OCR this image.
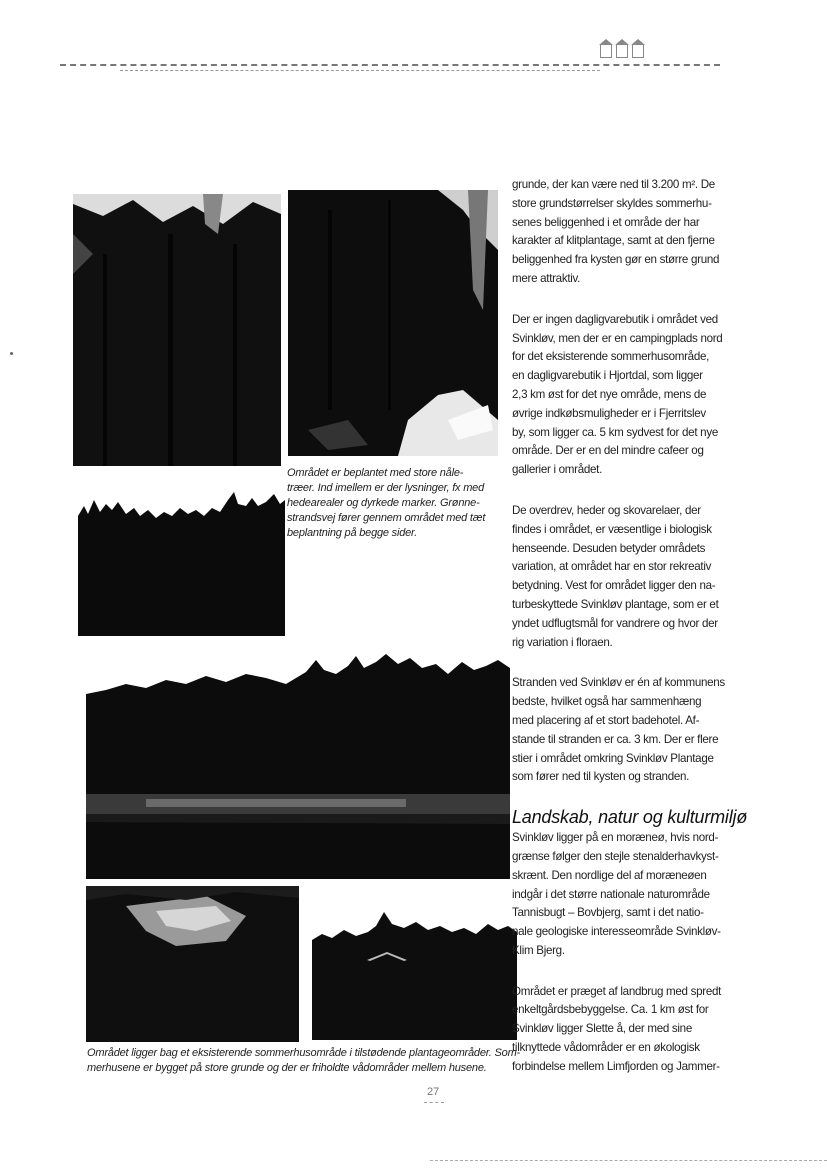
Området er beplantet med store nåle-
træer. Ind imellem er der lysninger, fx med
hedearealer og dyrkede marker. Grønne-
strandsvej fører gennem området med tæt
beplantning på begge sider.
Området ligger bag et eksisterende sommerhusområde i tilstødende plantageområder. Som-
merhusene er bygget på store grunde og der er friholdte vådområder mellem husene.

grunde, der kan være ned til 3.200 m². De
store grundstørrelser skyldes sommerhu-
senes beliggenhed i et område der har
karakter af klitplantage, samt at den fjerne
beliggenhed fra kysten gør en større grund
mere attraktiv.

Der er ingen dagligvarebutik i området ved
Svinkløv, men der er en campingplads nord
for det eksisterende sommerhusområde,
en dagligvarebutik i Hjortdal, som ligger
2,3 km øst for det nye område, mens de
øvrige indkøbsmuligheder er i Fjerritslev
by, som ligger ca. 5 km sydvest for det nye
område. Der er en del mindre cafeer og
gallerier i området.

De overdrev, heder og skovarelaer, der
findes i området, er væsentlige i biologisk
henseende. Desuden betyder områdets
variation, at området har en stor rekreativ
betydning. Vest for området ligger den na-
turbeskyttede Svinkløv plantage, som er et
yndet udflugtsmål for vandrere og hvor der
rig variation i floraen.

Stranden ved Svinkløv er én af kommunens
bedste, hvilket også har sammenhæng
med placering af et stort badehotel. Af-
stande til stranden er ca. 3 km. Der er flere
stier i området omkring Svinkløv Plantage
som fører ned til kysten og stranden.

Landskab, natur og kulturmiljø

Svinkløv ligger på en moræneø, hvis nord-
grænse følger den stejle stenalderhavkyst-
skrænt. Den nordlige del af moræneøen
indgår i det større nationale naturområde
Tannisbugt – Bovbjerg, samt i det natio-
nale geologiske interesseområde Svinkløv-
Klim Bjerg.

Området er præget af landbrug med spredt
enkeltgårdsbebyggelse. Ca. 1 km øst for
Svinkløv ligger Slette å, der med sine
tilknyttede vådområder er en økologisk
forbindelse mellem Limfjorden og Jammer-

27
